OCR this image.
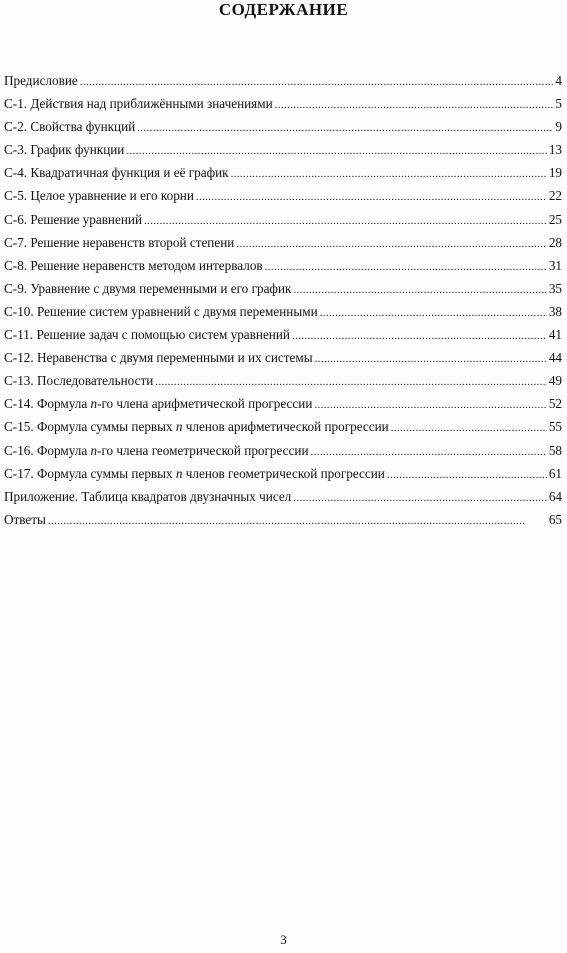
СОДЕРЖАНИЕ
Предисловие . . .	4
С-1. Действия над приближёнными значениями . . .	5
С-2. Свойства функций . . .	9
С-3. График функции . . .	13
С-4. Квадратичная функция и её график . . .	19
С-5. Целое уравнение и его корни . . .	22
С-6. Решение уравнений . . .	25
С-7. Решение неравенств второй степени . . .	28
С-8. Решение неравенств методом интервалов . . .	31
С-9. Уравнение с двумя переменными и его график . . .	35
С-10. Решение систем уравнений с двумя переменными . . .	38
С-11. Решение задач с помощью систем уравнений . . .	41
С-12. Неравенства с двумя переменными и их системы . . .	44
С-13. Последовательности . . .	49
С-14. Формула n-го члена арифметической прогрессии . . .	52
С-15. Формула суммы первых n членов арифметической прогрессии . . .	55
С-16. Формула n-го члена геометрической прогрессии . . .	58
С-17. Формула суммы первых n членов геометрической прогрессии . . .	61
Приложение. Таблица квадратов двузначных чисел . . .	64
Ответы . . .	65
3
